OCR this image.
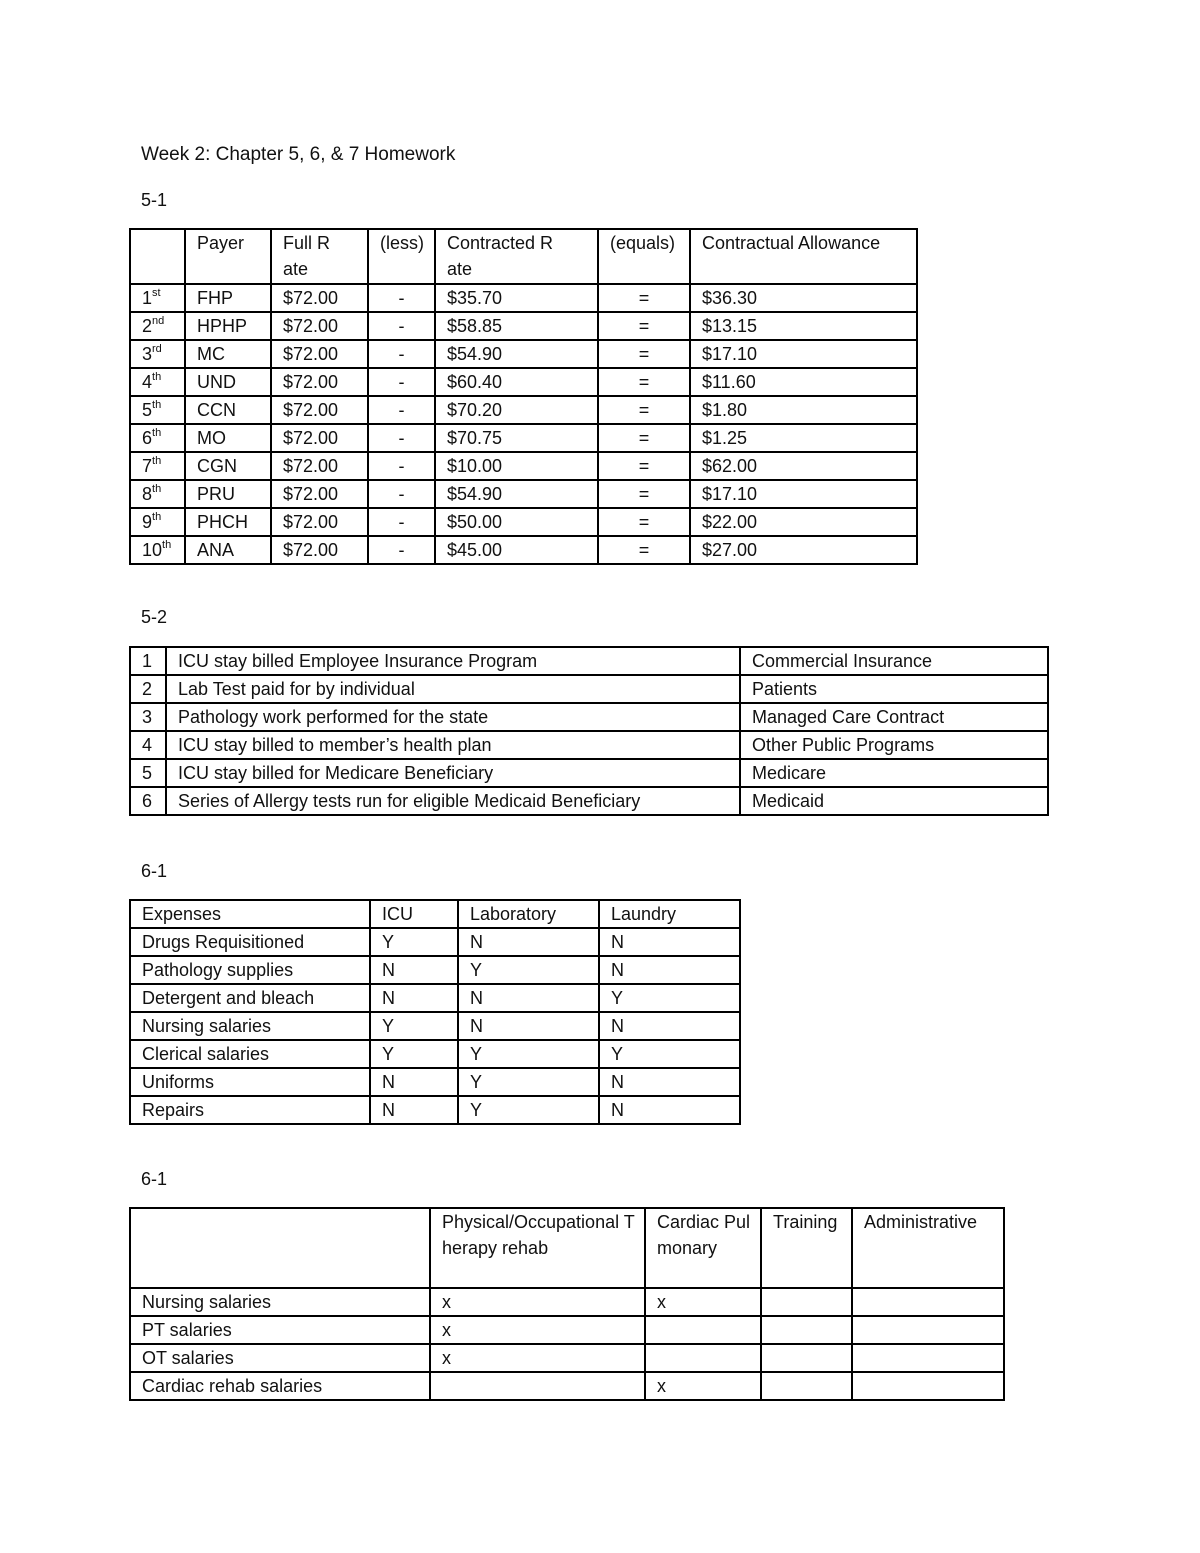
Week 2: Chapter 5, 6, & 7 Homework
5-1
	Payer	Full Rate	(less)	Contracted Rate	(equals)	Contractual Allowance
1st	FHP	$72.00	-	$35.70	=	$36.30
2nd	HPHP	$72.00	-	$58.85	=	$13.15
3rd	MC	$72.00	-	$54.90	=	$17.10
4th	UND	$72.00	-	$60.40	=	$11.60
5th	CCN	$72.00	-	$70.20	=	$1.80
6th	MO	$72.00	-	$70.75	=	$1.25
7th	CGN	$72.00	-	$10.00	=	$62.00
8th	PRU	$72.00	-	$54.90	=	$17.10
9th	PHCH	$72.00	-	$50.00	=	$22.00
10th	ANA	$72.00	-	$45.00	=	$27.00
5-2
1	ICU stay billed Employee Insurance Program	Commercial Insurance
2	Lab Test paid for by individual	Patients
3	Pathology work performed for the state	Managed Care Contract
4	ICU stay billed to member’s health plan	Other Public Programs
5	ICU stay billed for Medicare Beneficiary	Medicare
6	Series of Allergy tests run for eligible Medicaid Beneficiary	Medicaid
6-1
Expenses	ICU	Laboratory	Laundry
Drugs Requisitioned	Y	N	N
Pathology supplies	N	Y	N
Detergent and bleach	N	N	Y
Nursing salaries	Y	N	N
Clerical salaries	Y	Y	Y
Uniforms	N	Y	N
Repairs	N	Y	N
6-1
	Physical/Occupational Therapy rehab	Cardiac Pulmonary	Training	Administrative
Nursing salaries	x	x		
PT salaries	x			
OT salaries	x			
Cardiac rehab salaries		x		
